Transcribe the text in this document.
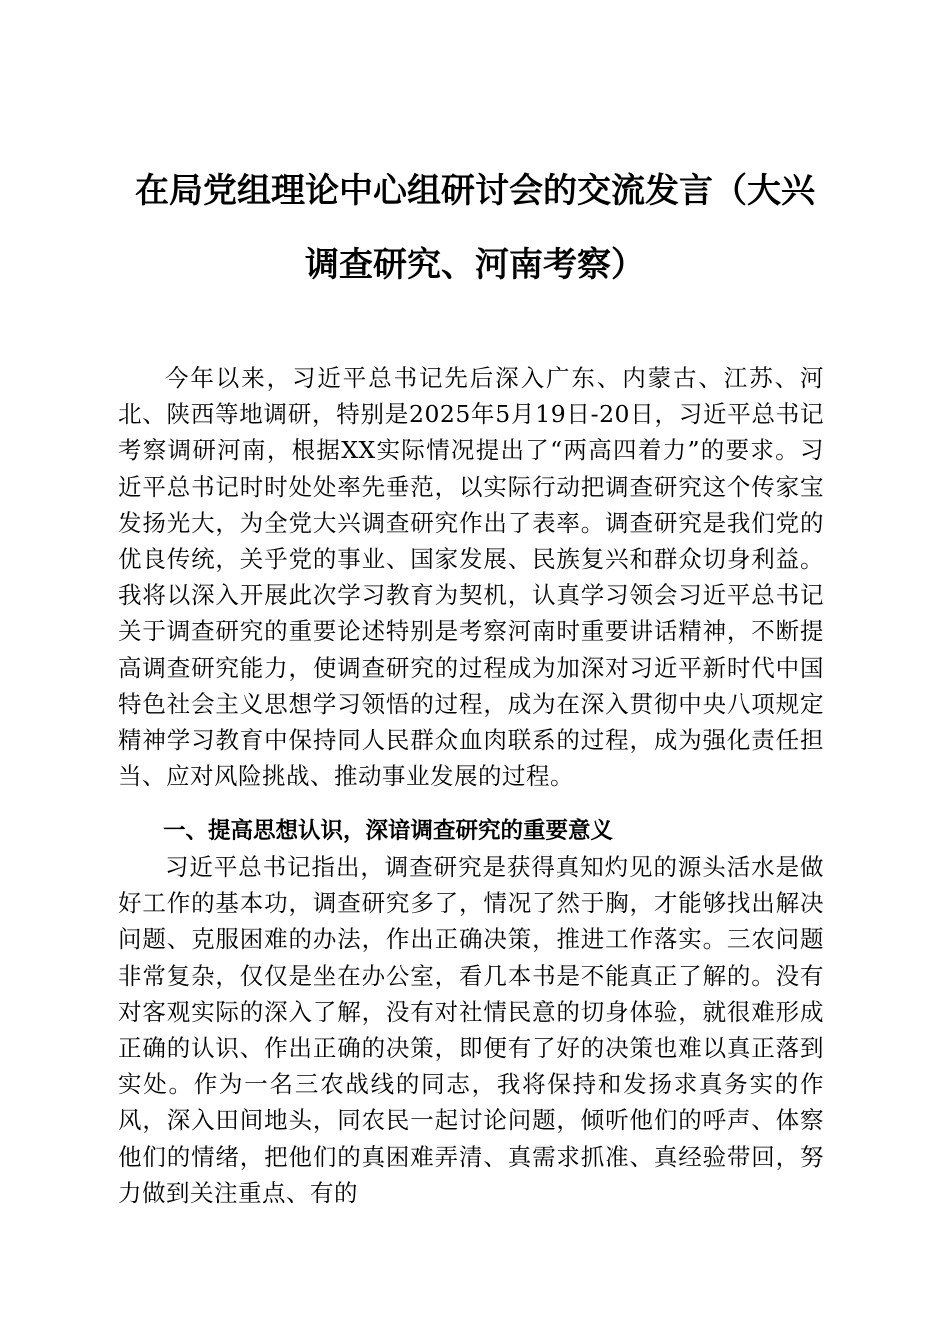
在局党组理论中心组研讨会的交流发言（大兴
调查研究、河南考察）

今年以来，习近平总书记先后深入广东、内蒙古、江苏、河北、陕西等地调研，特别是2025年5月19日-20日，习近平总书记考察调研河南，根据XX实际情况提出了“两高四着力”的要求。习近平总书记时时处处率先垂范，以实际行动把调查研究这个传家宝发扬光大，为全党大兴调查研究作出了表率。调查研究是我们党的优良传统，关乎党的事业、国家发展、民族复兴和群众切身利益。我将以深入开展此次学习教育为契机，认真学习领会习近平总书记关于调查研究的重要论述特别是考察河南时重要讲话精神，不断提高调查研究能力，使调查研究的过程成为加深对习近平新时代中国特色社会主义思想学习领悟的过程，成为在深入贯彻中央八项规定精神学习教育中保持同人民群众血肉联系的过程，成为强化责任担当、应对风险挑战、推动事业发展的过程。

一、提高思想认识，深谙调查研究的重要意义

习近平总书记指出，调查研究是获得真知灼见的源头活水是做好工作的基本功，调查研究多了，情况了然于胸，才能够找出解决问题、克服困难的办法，作出正确决策，推进工作落实。三农问题非常复杂，仅仅是坐在办公室，看几本书是不能真正了解的。没有对客观实际的深入了解，没有对社情民意的切身体验，就很难形成正确的认识、作出正确的决策，即便有了好的决策也难以真正落到实处。作为一名三农战线的同志，我将保持和发扬求真务实的作风，深入田间地头，同农民一起讨论问题，倾听他们的呼声、体察他们的情绪，把他们的真困难弄清、真需求抓准、真经验带回，努力做到关注重点、有的
